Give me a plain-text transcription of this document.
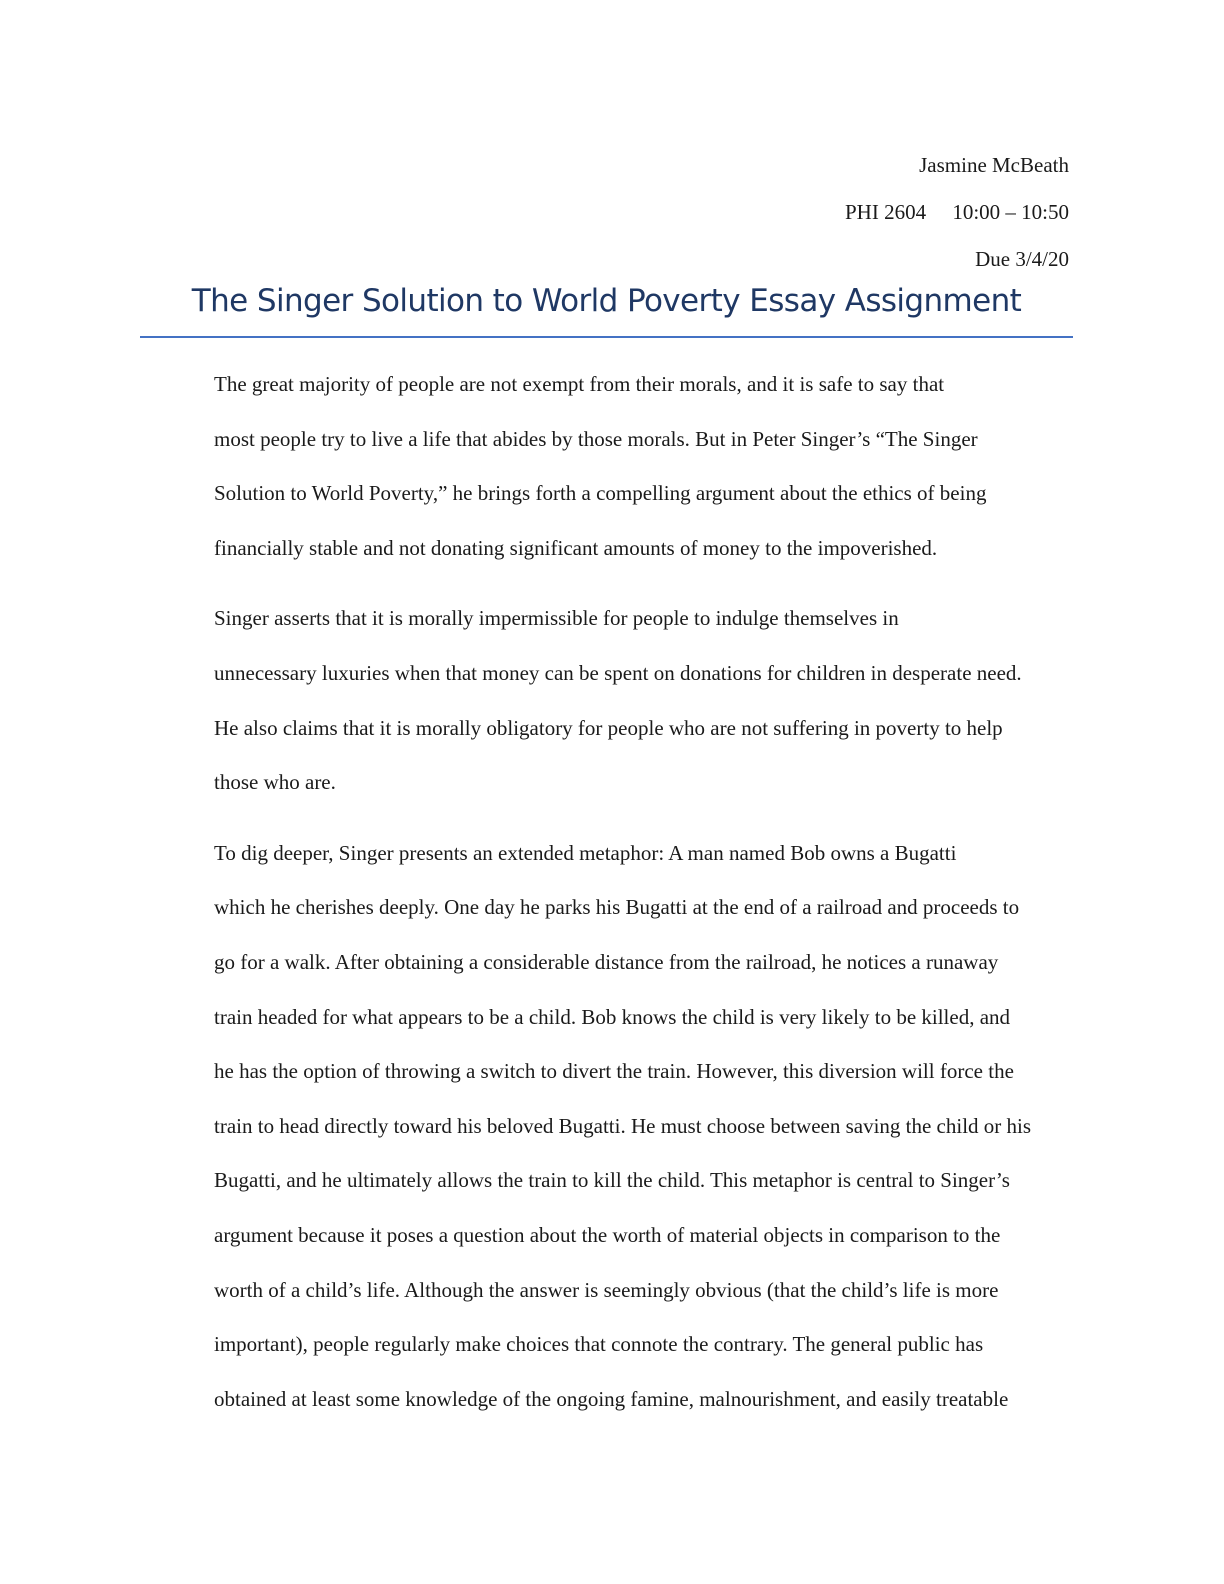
Jasmine McBeath
PHI 2604 10:00 – 10:50
Due 3/4/20
The Singer Solution to World Poverty Essay Assignment

The great majority of people are not exempt from their morals, and it is safe to say that
most people try to live a life that abides by those morals. But in Peter Singer’s “The Singer
Solution to World Poverty,” he brings forth a compelling argument about the ethics of being
financially stable and not donating significant amounts of money to the impoverished.

Singer asserts that it is morally impermissible for people to indulge themselves in
unnecessary luxuries when that money can be spent on donations for children in desperate need.
He also claims that it is morally obligatory for people who are not suffering in poverty to help
those who are.

To dig deeper, Singer presents an extended metaphor: A man named Bob owns a Bugatti
which he cherishes deeply. One day he parks his Bugatti at the end of a railroad and proceeds to
go for a walk. After obtaining a considerable distance from the railroad, he notices a runaway
train headed for what appears to be a child. Bob knows the child is very likely to be killed, and
he has the option of throwing a switch to divert the train. However, this diversion will force the
train to head directly toward his beloved Bugatti. He must choose between saving the child or his
Bugatti, and he ultimately allows the train to kill the child. This metaphor is central to Singer’s
argument because it poses a question about the worth of material objects in comparison to the
worth of a child’s life. Although the answer is seemingly obvious (that the child’s life is more
important), people regularly make choices that connote the contrary. The general public has
obtained at least some knowledge of the ongoing famine, malnourishment, and easily treatable
